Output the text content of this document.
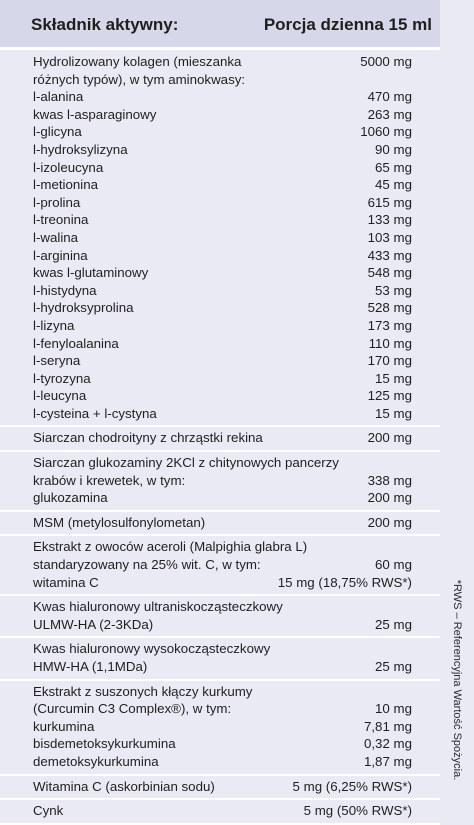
Składnik aktywny:	Porcja dzienna 15 ml
Hydrolizowany kolagen (mieszanka	5000 mg
różnych typów), w tym aminokwasy:
l-alanina	470 mg
kwas l-asparaginowy	263 mg
l-glicyna	1060 mg
l-hydroksylizyna	90 mg
l-izoleucyna	65 mg
l-metionina	45 mg
l-prolina	615 mg
l-treonina	133 mg
l-walina	103 mg
l-arginina	433 mg
kwas l-glutaminowy	548 mg
l-histydyna	53 mg
l-hydroksyprolina	528 mg
l-lizyna	173 mg
l-fenyloalanina	110 mg
l-seryna	170 mg
l-tyrozyna	15 mg
l-leucyna	125 mg
l-cysteina + l-cystyna	15 mg
Siarczan chodroityny z chrząstki rekina	200 mg
Siarczan glukozaminy 2KCl z chitynowych pancerzy
krabów i krewetek, w tym:	338 mg
glukozamina	200 mg
MSM (metylosulfonylometan)	200 mg
Ekstrakt z owoców aceroli (Malpighia glabra L)
standaryzowany na 25% wit. C, w tym:	60 mg
witamina C	15 mg (18,75% RWS*)
Kwas hialuronowy ultraniskocząsteczkowy
ULMW-HA (2-3KDa)	25 mg
Kwas hialuronowy wysokocząsteczkowy
HMW-HA (1,1MDa)	25 mg
Ekstrakt z suszonych kłączy kurkumy
(Curcumin C3 Complex®), w tym:	10 mg
kurkumina	7,81 mg
bisdemetoksykurkumina	0,32 mg
demetoksykurkumina	1,87 mg
Witamina C (askorbinian sodu)	5 mg (6,25% RWS*)
Cynk	5 mg (50% RWS*)
*RWS – Referencyjna Wartość Spożycia.
